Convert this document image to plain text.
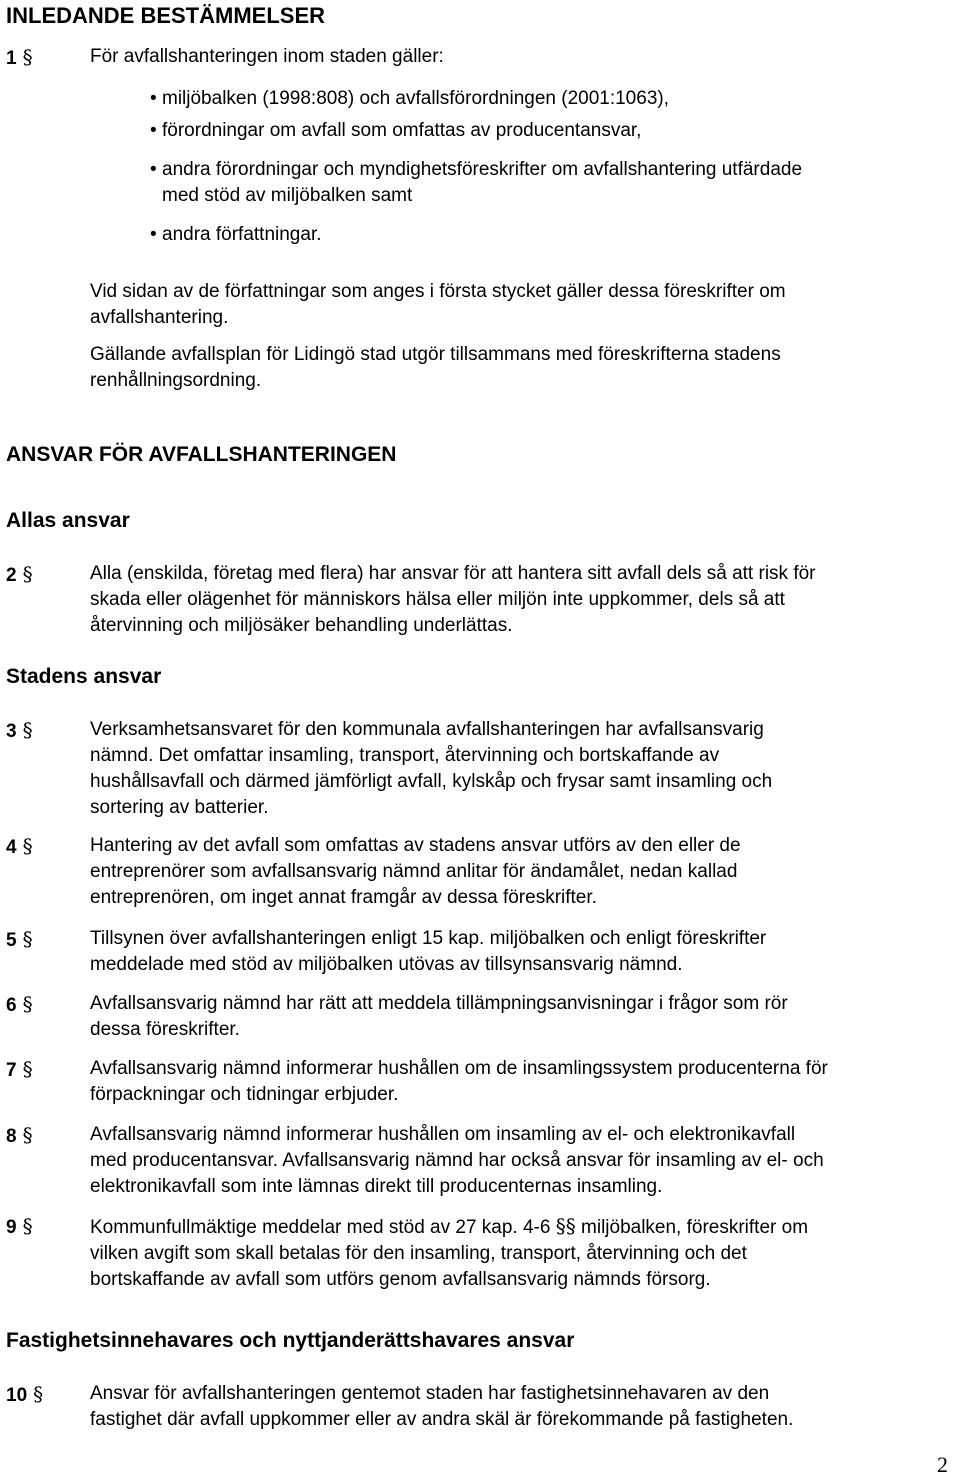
INLEDANDE BESTÄMMELSER
1 §	För avfallshanteringen inom staden gäller:
• miljöbalken (1998:808) och avfallsförordningen (2001:1063),
• förordningar om avfall som omfattas av producentansvar,
• andra förordningar och myndighetsföreskrifter om avfallshantering utfärdade
med stöd av miljöbalken samt
• andra författningar.
Vid sidan av de författningar som anges i första stycket gäller dessa föreskrifter om
avfallshantering.
Gällande avfallsplan för Lidingö stad utgör tillsammans med föreskrifterna stadens
renhållningsordning.
ANSVAR FÖR AVFALLSHANTERINGEN
Allas ansvar
2 §	Alla (enskilda, företag med flera) har ansvar för att hantera sitt avfall dels så att risk för
skada eller olägenhet för människors hälsa eller miljön inte uppkommer, dels så att
återvinning och miljösäker behandling underlättas.
Stadens ansvar
3 §	Verksamhetsansvaret för den kommunala avfallshanteringen har avfallsansvarig
nämnd. Det omfattar insamling, transport, återvinning och bortskaffande av
hushållsavfall och därmed jämförligt avfall, kylskåp och frysar samt insamling och
sortering av batterier.
4 §	Hantering av det avfall som omfattas av stadens ansvar utförs av den eller de
entreprenörer som avfallsansvarig nämnd anlitar för ändamålet, nedan kallad
entreprenören, om inget annat framgår av dessa föreskrifter.
5 §	Tillsynen över avfallshanteringen enligt 15 kap. miljöbalken och enligt föreskrifter
meddelade med stöd av miljöbalken utövas av tillsynsansvarig nämnd.
6 §	Avfallsansvarig nämnd har rätt att meddela tillämpningsanvisningar i frågor som rör
dessa föreskrifter.
7 §	Avfallsansvarig nämnd informerar hushållen om de insamlingssystem producenterna för
förpackningar och tidningar erbjuder.
8 §	Avfallsansvarig nämnd informerar hushållen om insamling av el- och elektronikavfall
med producentansvar. Avfallsansvarig nämnd har också ansvar för insamling av el- och
elektronikavfall som inte lämnas direkt till producenternas insamling.
9 §	Kommunfullmäktige meddelar med stöd av 27 kap. 4-6 §§ miljöbalken, föreskrifter om
vilken avgift som skall betalas för den insamling, transport, återvinning och det
bortskaffande av avfall som utförs genom avfallsansvarig nämnds försorg.
Fastighetsinnehavares och nyttjanderättshavares ansvar
10 § Ansvar för avfallshanteringen gentemot staden har fastighetsinnehavaren av den
fastighet där avfall uppkommer eller av andra skäl är förekommande på fastigheten.
2
